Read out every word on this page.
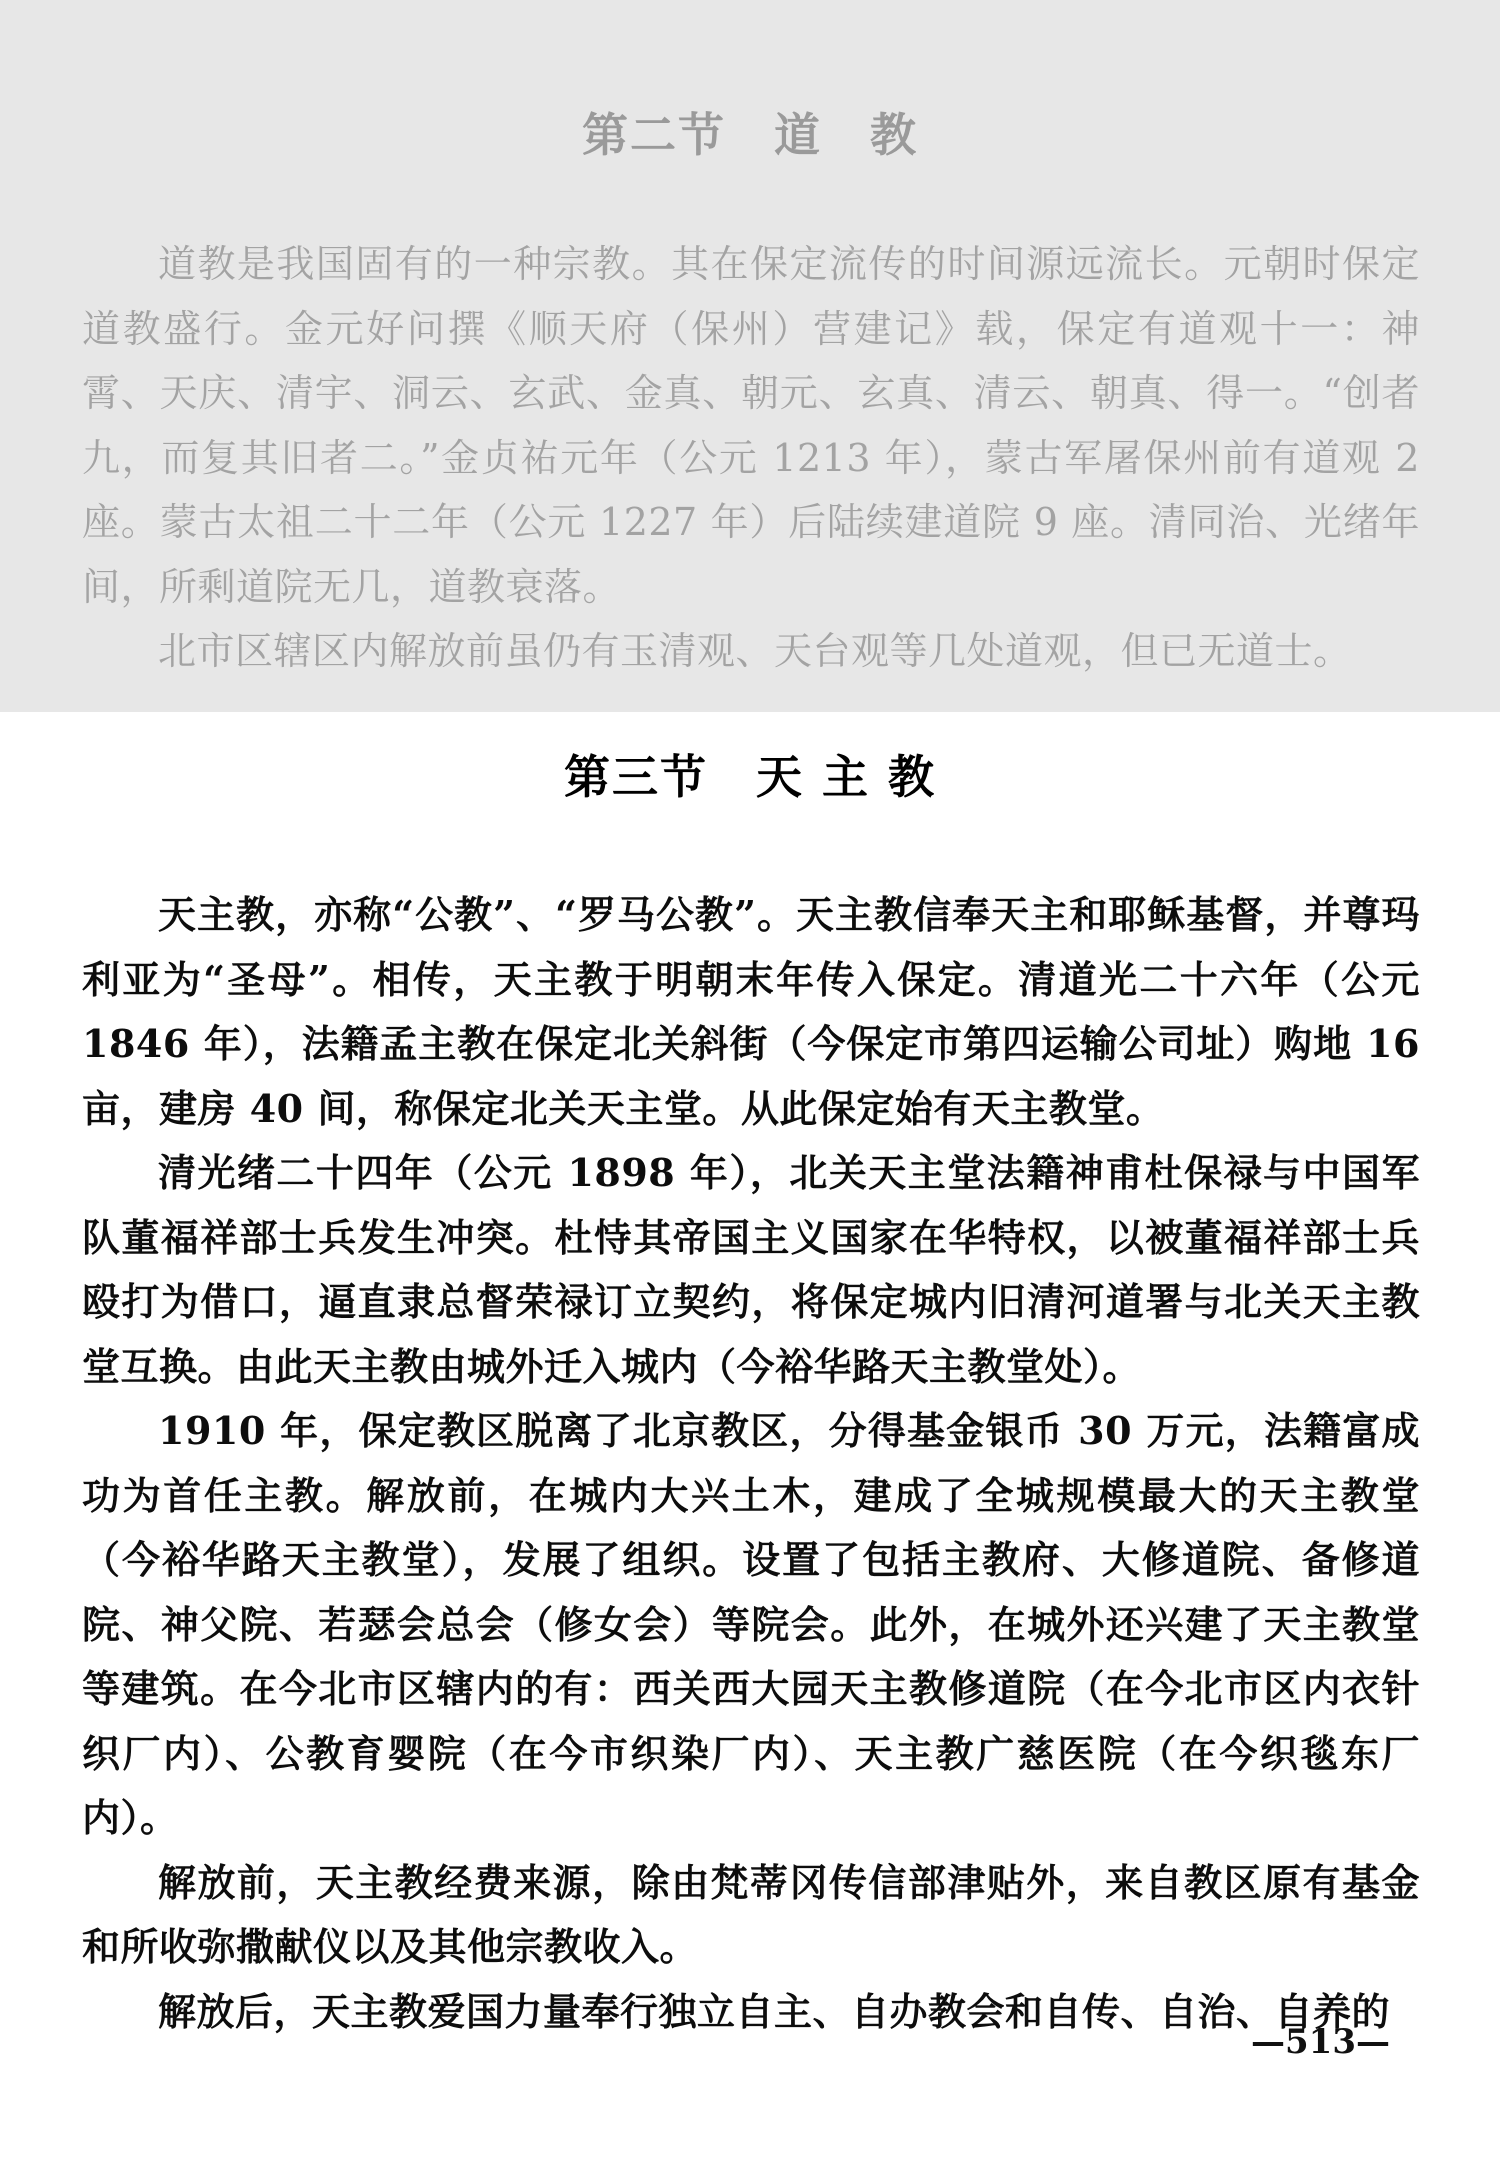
第二节　道　教

道教是我国固有的一种宗教。其在保定流传的时间源远流长。元朝时保定道教盛行。金元好问撰《顺天府（保州）营建记》载，保定有道观十一：神霄、天庆、清宇、洞云、玄武、金真、朝元、玄真、清云、朝真、得一。“创者九，而复其旧者二。”金贞祐元年（公元 1213 年），蒙古军屠保州前有道观 2 座。蒙古太祖二十二年（公元 1227 年）后陆续建道院 9 座。清同治、光绪年间，所剩道院无几，道教衰落。

北市区辖区内解放前虽仍有玉清观、天台观等几处道观，但已无道士。

第三节　天 主 教

天主教，亦称“公教”、“罗马公教”。天主教信奉天主和耶稣基督，并尊玛利亚为“圣母”。相传，天主教于明朝末年传入保定。清道光二十六年（公元 1846 年），法籍孟主教在保定北关斜街（今保定市第四运输公司址）购地 16 亩，建房 40 间，称保定北关天主堂。从此保定始有天主教堂。

清光绪二十四年（公元 1898 年），北关天主堂法籍神甫杜保禄与中国军队董福祥部士兵发生冲突。杜恃其帝国主义国家在华特权，以被董福祥部士兵殴打为借口，逼直隶总督荣禄订立契约，将保定城内旧清河道署与北关天主教堂互换。由此天主教由城外迁入城内（今裕华路天主教堂处）。

1910 年，保定教区脱离了北京教区，分得基金银币 30 万元，法籍富成功为首任主教。解放前，在城内大兴土木，建成了全城规模最大的天主教堂（今裕华路天主教堂），发展了组织。设置了包括主教府、大修道院、备修道院、神父院、若瑟会总会（修女会）等院会。此外，在城外还兴建了天主教堂等建筑。在今北市区辖内的有：西关西大园天主教修道院（在今北市区内衣针织厂内）、公教育婴院（在今市织染厂内）、天主教广慈医院（在今织毯东厂内）。

解放前，天主教经费来源，除由梵蒂冈传信部津贴外，来自教区原有基金和所收弥撒献仪以及其他宗教收入。

解放后，天主教爱国力量奉行独立自主、自办教会和自传、自治、自养的

—513—
